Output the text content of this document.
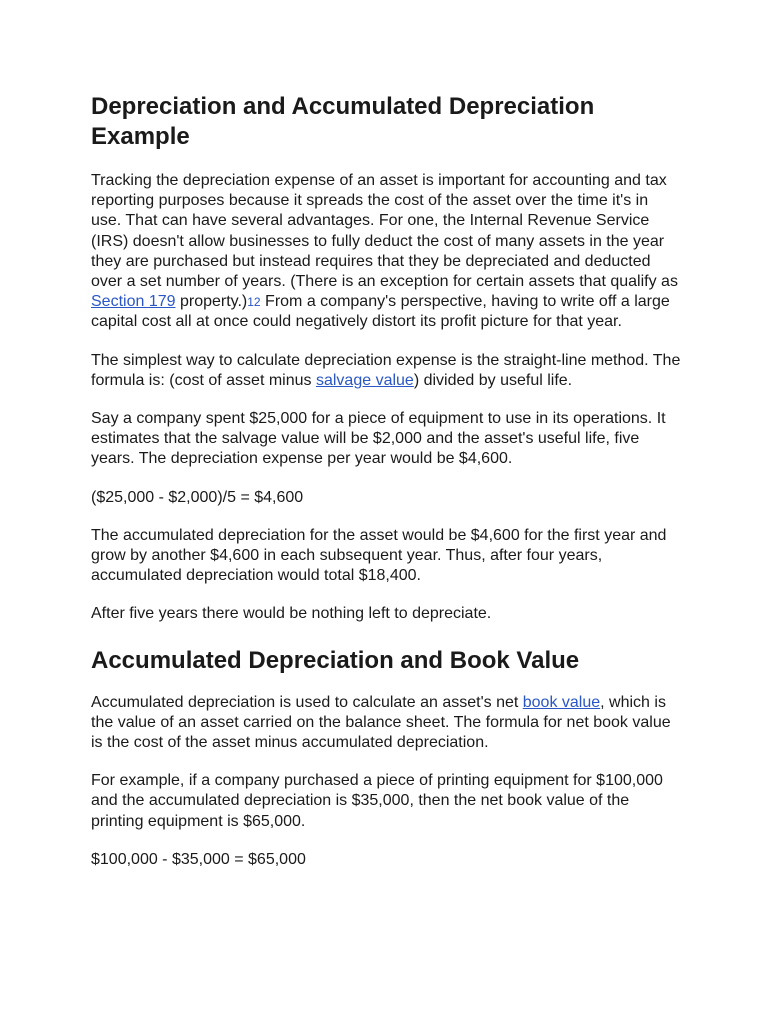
Depreciation and Accumulated Depreciation Example

Tracking the depreciation expense of an asset is important for accounting and tax reporting purposes because it spreads the cost of the asset over the time it's in use. That can have several advantages. For one, the Internal Revenue Service (IRS) doesn't allow businesses to fully deduct the cost of many assets in the year they are purchased but instead requires that they be depreciated and deducted over a set number of years. (There is an exception for certain assets that qualify as Section 179 property.)12 From a company's perspective, having to write off a large capital cost all at once could negatively distort its profit picture for that year.

The simplest way to calculate depreciation expense is the straight-line method. The formula is: (cost of asset minus salvage value) divided by useful life.

Say a company spent $25,000 for a piece of equipment to use in its operations. It estimates that the salvage value will be $2,000 and the asset's useful life, five years. The depreciation expense per year would be $4,600.

($25,000 - $2,000)/5 = $4,600

The accumulated depreciation for the asset would be $4,600 for the first year and grow by another $4,600 in each subsequent year. Thus, after four years, accumulated depreciation would total $18,400.

After five years there would be nothing left to depreciate.

Accumulated Depreciation and Book Value

Accumulated depreciation is used to calculate an asset's net book value, which is the value of an asset carried on the balance sheet. The formula for net book value is the cost of the asset minus accumulated depreciation.

For example, if a company purchased a piece of printing equipment for $100,000 and the accumulated depreciation is $35,000, then the net book value of the printing equipment is $65,000.

$100,000 - $35,000 = $65,000
